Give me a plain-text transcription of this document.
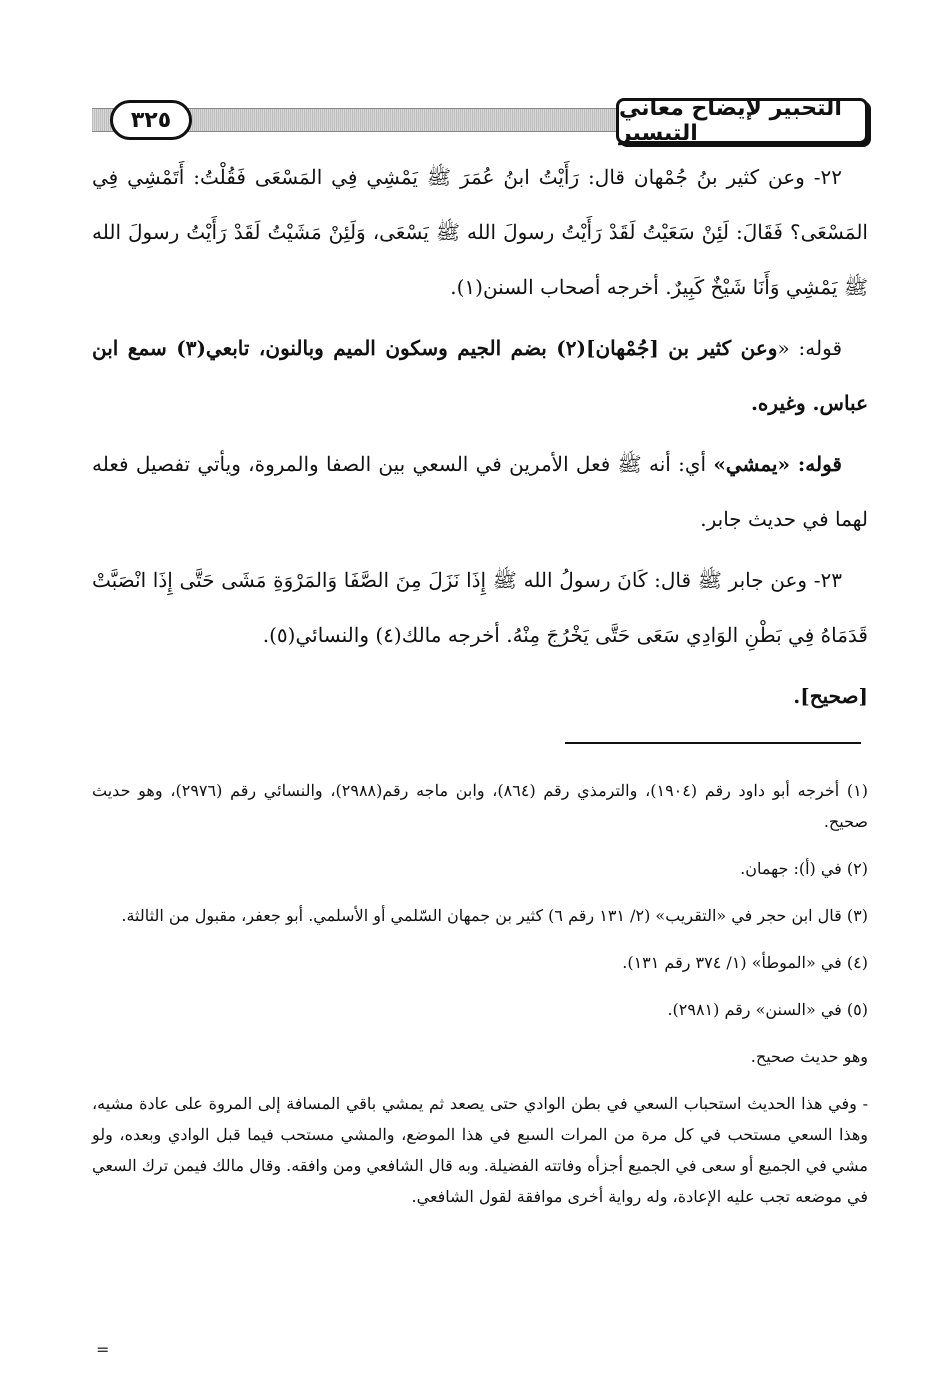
التحبير لإيضاح معاني التيسير
٣٢٥

٢٢- وعن كثير بنُ جُمْهان قال: رَأَيْتُ ابنُ عُمَرَ ﷺ يَمْشِي فِي المَسْعَى فَقُلْتُ: أَتَمْشِي فِي المَسْعَى؟ فَقَالَ: لَئِنْ سَعَيْتُ لَقَدْ رَأَيْتُ رسولَ الله ﷺ يَسْعَى، وَلَئِنْ مَشَيْتُ لَقَدْ رَأَيْتُ رسولَ الله ﷺ يَمْشِي وَأَنَا شَيْخٌ كَبِيرٌ. أخرجه أصحاب السنن(١).

قوله: «وعن كثير بن [جُمْهان](٢) بضم الجيم وسكون الميم وبالنون، تابعي(٣) سمع ابن عباس. وغيره.

قوله: «يمشي» أي: أنه ﷺ فعل الأمرين في السعي بين الصفا والمروة، ويأتي تفصيل فعله لهما في حديث جابر.

٢٣- وعن جابر ﷺ قال: كَانَ رسولُ الله ﷺ إِذَا نَزَلَ مِنَ الصَّفَا وَالمَرْوَةِ مَشَى حَتَّى إِذَا انْصَبَّتْ قَدَمَاهُ فِي بَطْنِ الوَادِي سَعَى حَتَّى يَخْرُجَ مِنْهُ. أخرجه مالك(٤) والنسائي(٥).

[صحيح].

(١) أخرجه أبو داود رقم (١٩٠٤)، والترمذي رقم (٨٦٤)، وابن ماجه رقم(٢٩٨٨)، والنسائي رقم (٢٩٧٦)، وهو حديث صحيح.

(٢) في (أ): جهمان.

(٣) قال ابن حجر في «التقريب» (٢/ ١٣١ رقم ٦) كثير بن جمهان السّلمي أو الأسلمي. أبو جعفر، مقبول من الثالثة.

(٤) في «الموطأ» (١/ ٣٧٤ رقم ١٣١).

(٥) في «السنن» رقم (٢٩٨١).

وهو حديث صحيح.

- وفي هذا الحديث استحباب السعي في بطن الوادي حتى يصعد ثم يمشي باقي المسافة إلى المروة على عادة مشيه، وهذا السعي مستحب في كل مرة من المرات السبع في هذا الموضع، والمشي مستحب فيما قبل الوادي وبعده، ولو مشي في الجميع أو سعى في الجميع أجزأه وفاتته الفضيلة. وبه قال الشافعي ومن وافقه. وقال مالك فيمن ترك السعي في موضعه تجب عليه الإعادة، وله رواية أخرى موافقة لقول الشافعي.

=
